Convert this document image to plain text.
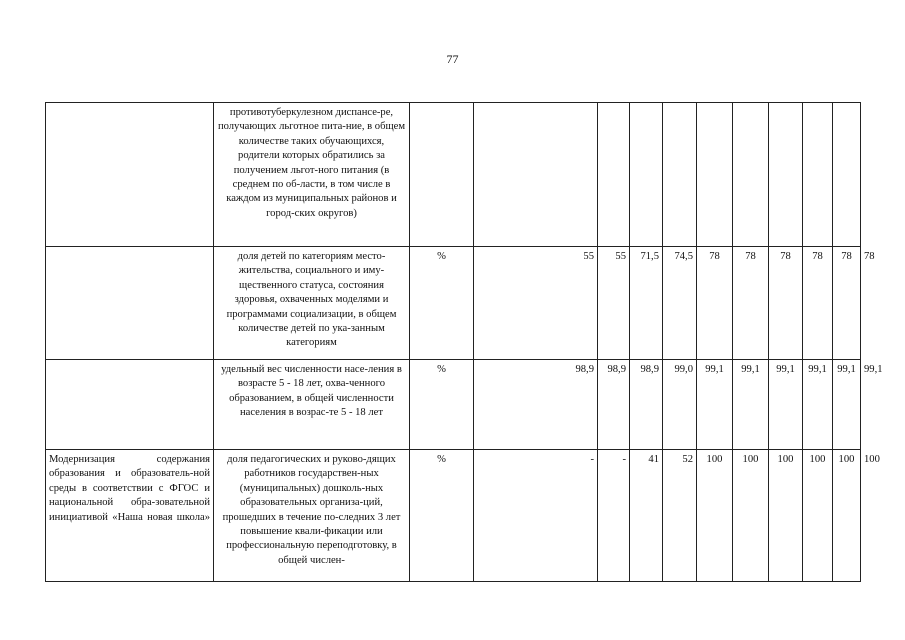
77
	противотуберкулезном диспансе-ре, получающих льготное пита-ние, в общем количестве таких обучающихся, родители которых обратились за получением льгот-ного питания (в среднем по об-ласти, в том числе в каждом из муниципальных районов и город-ских округов)											
	доля детей по категориям место-жительства, социального и иму-щественного статуса, состояния здоровья, охваченных моделями и программами социализации, в общем количестве детей по ука-занным категориям	%	55	55	71,5	74,5	78	78	78	78	78	78
	удельный вес численности насе-ления в возрасте 5 - 18 лет, охва-ченного образованием, в общей численности населения в возрас-те 5 - 18 лет	%	98,9	98,9	98,9	99,0	99,1	99,1	99,1	99,1	99,1	99,1
Модернизация содержания образования и образователь-ной среды в соответствии с ФГОС и национальной обра-зовательной инициативой «Наша новая школа»	доля педагогических и руково-дящих работников государствен-ных (муниципальных) дошколь-ных образовательных организа-ций, прошедших в течение по-следних 3 лет повышение квали-фикации или профессиональную переподготовку, в общей числен-	%	-	-	41	52	100	100	100	100	100	100
